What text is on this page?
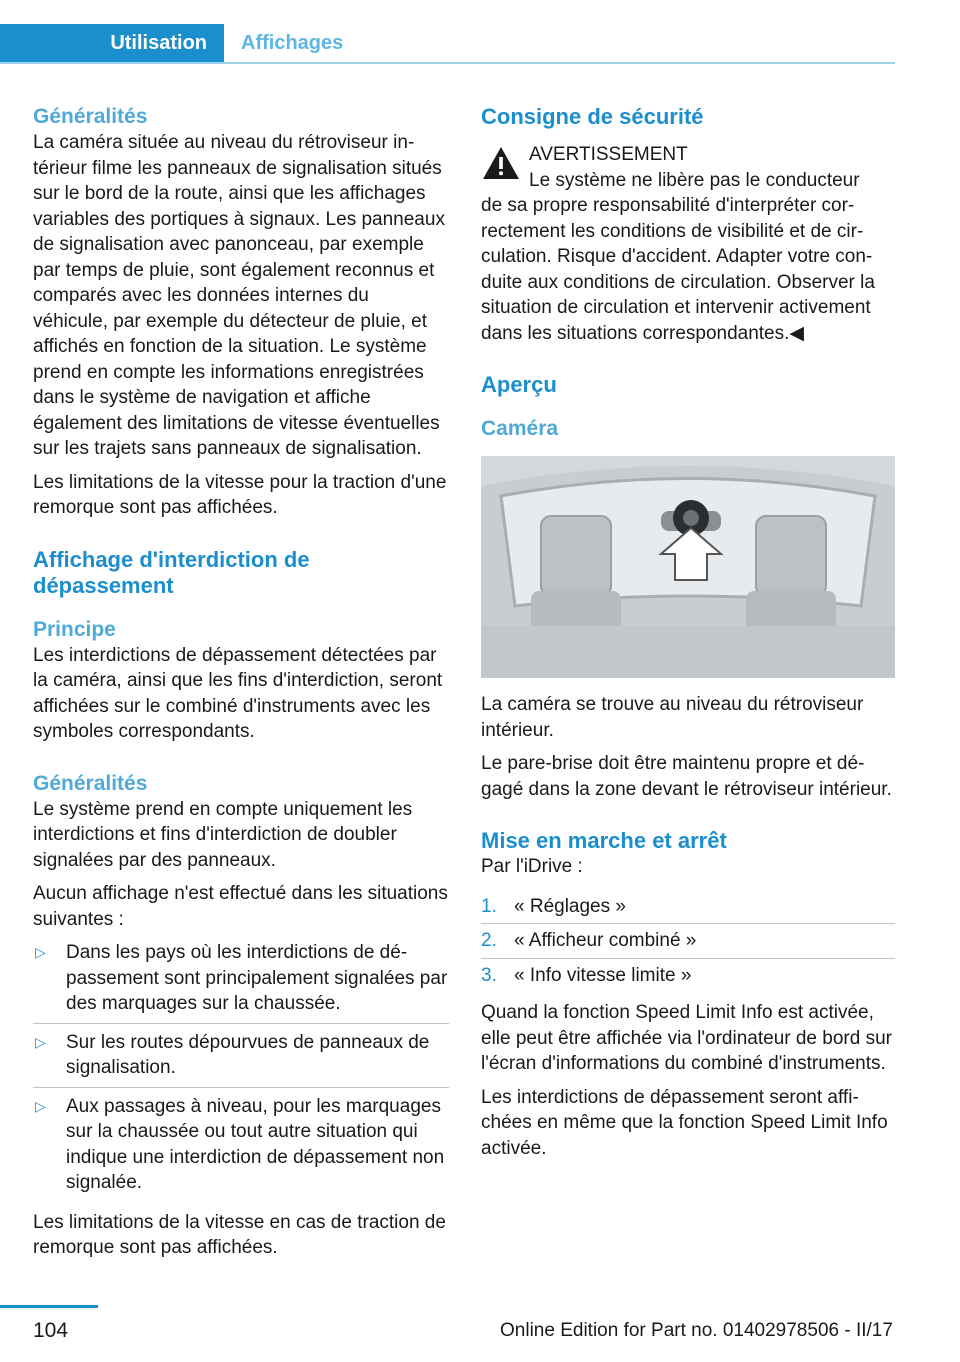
Utilisation	Affichages
Généralités

La caméra située au niveau du rétroviseur intérieur filme les panneaux de signalisation situés sur le bord de la route, ainsi que les affichages variables des portiques à signaux. Les panneaux de signalisation avec panonceau, par exemple par temps de pluie, sont également reconnus et comparés avec les données internes du véhicule, par exemple du détecteur de pluie, et affichés en fonction de la situation. Le système prend en compte les informations enregistrées dans le système de navigation et affiche également des limitations de vitesse éventuelles sur les trajets sans panneaux de signalisation.

Les limitations de la vitesse pour la traction d'une remorque sont pas affichées.

Affichage d'interdiction de dépassement
Principe

Les interdictions de dépassement détectées par la caméra, ainsi que les fins d'interdiction, seront affichées sur le combiné d'instruments avec les symboles correspondants.

Généralités

Le système prend en compte uniquement les interdictions et fins d'interdiction de doubler signalées par des panneaux.

Aucun affichage n'est effectué dans les situations suivantes :

▷ Dans les pays où les interdictions de dépassement sont principalement signalées par des marquages sur la chaussée.
▷ Sur les routes dépourvues de panneaux de signalisation.
▷ Aux passages à niveau, pour les marquages sur la chaussée ou tout autre situation qui indique une interdiction de dépassement non signalée.

Les limitations de la vitesse en cas de traction de remorque sont pas affichées.

Consigne de sécurité
AVERTISSEMENT
Le système ne libère pas le conducteur

de sa propre responsabilité d'interpréter correctement les conditions de visibilité et de circulation. Risque d'accident. Adapter votre conduite aux conditions de circulation. Observer la situation de circulation et intervenir activement dans les situations correspondantes.◀

Aperçu
Caméra

La caméra se trouve au niveau du rétroviseur intérieur.

Le pare-brise doit être maintenu propre et dégagé dans la zone devant le rétroviseur intérieur.

Mise en marche et arrêt

Par l'iDrive :

1. « Réglages »
2. « Afficheur combiné »
3. « Info vitesse limite »

Quand la fonction Speed Limit Info est activée, elle peut être affichée via l'ordinateur de bord sur l'écran d'informations du combiné d'instruments.

Les interdictions de dépassement seront affichées en même que la fonction Speed Limit Info activée.

104	Online Edition for Part no. 01402978506 - II/17
